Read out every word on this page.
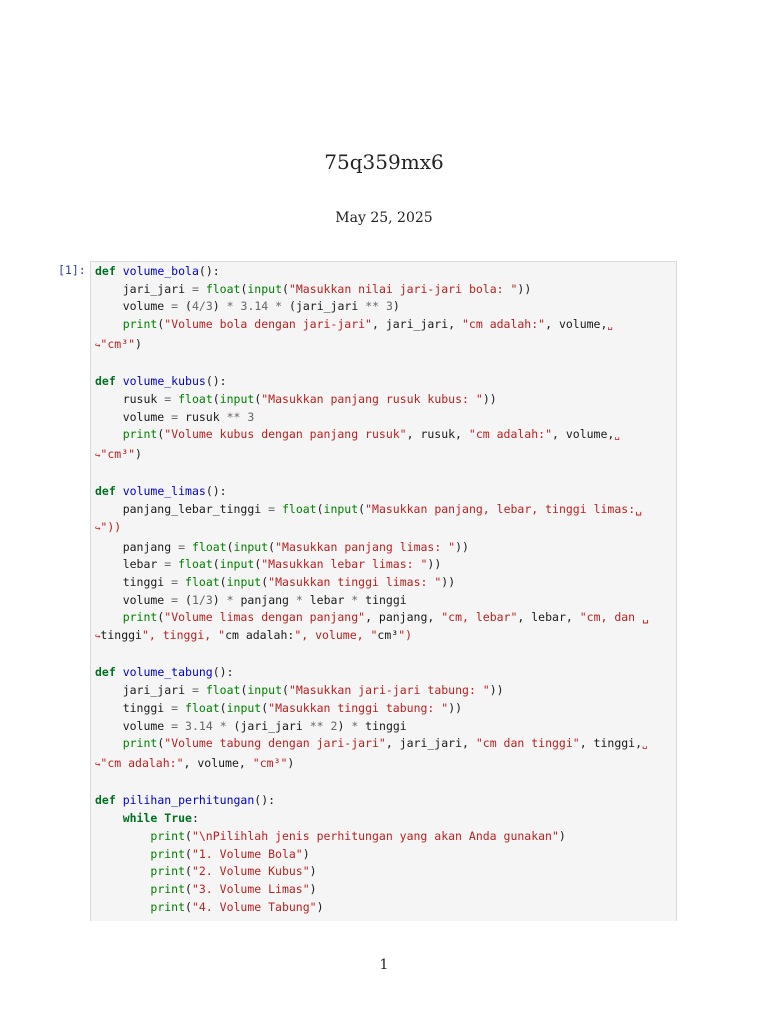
75q359mx6
May 25, 2025
[1]: def volume_bola():
jari_jari = float(input("Masukkan nilai jari-jari bola: "))
volume = (4/3) * 3.14 * (jari_jari ** 3)
print("Volume bola dengan jari-jari", jari_jari, "cm adalah:", volume,␣
↪"cm³")

def volume_kubus():
rusuk = float(input("Masukkan panjang rusuk kubus: "))
volume = rusuk ** 3
print("Volume kubus dengan panjang rusuk", rusuk, "cm adalah:", volume,␣
↪"cm³")

def volume_limas():
panjang_lebar_tinggi = float(input("Masukkan panjang, lebar, tinggi limas:␣
↪"))
panjang = float(input("Masukkan panjang limas: "))
lebar = float(input("Masukkan lebar limas: "))
tinggi = float(input("Masukkan tinggi limas: "))
volume = (1/3) * panjang * lebar * tinggi
print("Volume limas dengan panjang", panjang, "cm, lebar", lebar, "cm, dan ␣
↪tinggi", tinggi, "cm adalah:", volume, "cm³")

def volume_tabung():
jari_jari = float(input("Masukkan jari-jari tabung: "))
tinggi = float(input("Masukkan tinggi tabung: "))
volume = 3.14 * (jari_jari ** 2) * tinggi
print("Volume tabung dengan jari-jari", jari_jari, "cm dan tinggi", tinggi,␣
↪"cm adalah:", volume, "cm³")

def pilihan_perhitungan():
while True:
print("\nPilihlah jenis perhitungan yang akan Anda gunakan")
print("1. Volume Bola")
print("2. Volume Kubus")
print("3. Volume Limas")
print("4. Volume Tabung")
1
